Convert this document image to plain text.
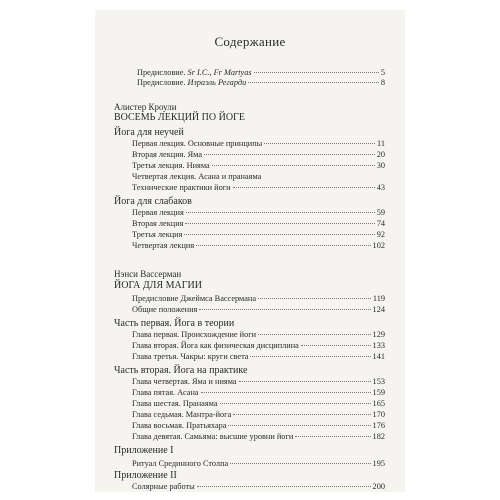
Содержание
Предисловие. Sr I.C., Fr Martyas	5
Предисловие. Израэль Регарди	8
Алистер Кроули
ВОСЕМЬ ЛЕКЦИЙ ПО ЙОГЕ
Йога для неучей
Первая лекция. Основные принципы	11
Вторая лекция. Яма	20
Третья лекция. Нияма	30
Четвертая лекция. Асана и пранаяма
Технические практики йоги	43
Йога для слабаков
Первая лекция	59
Вторая лекция	74
Третья лекция	92
Четвертая лекция	102
Нэнси Вассерман
ЙОГА ДЛЯ МАГИИ
Предисловие Джеймса Вассермана	119
Общие положения	124
Часть первая. Йога в теории
Глава первая. Происхождение йоги	129
Глава вторая. Йога как физическая дисциплина	133
Глава третья. Чакры: круги света	141
Часть вторая. Йога на практике
Глава четвертая. Яма и нияма	153
Глава пятая. Асана	159
Глава шестая. Пранаяма	165
Глава седьмая. Мантра-йога	170
Глава восьмая. Пратьяхара	176
Глава девятая. Самьяма: высшие уровни йоги	182
Приложение I
Ритуал Срединного Столпа	195
Приложение II
Солярные работы	200
